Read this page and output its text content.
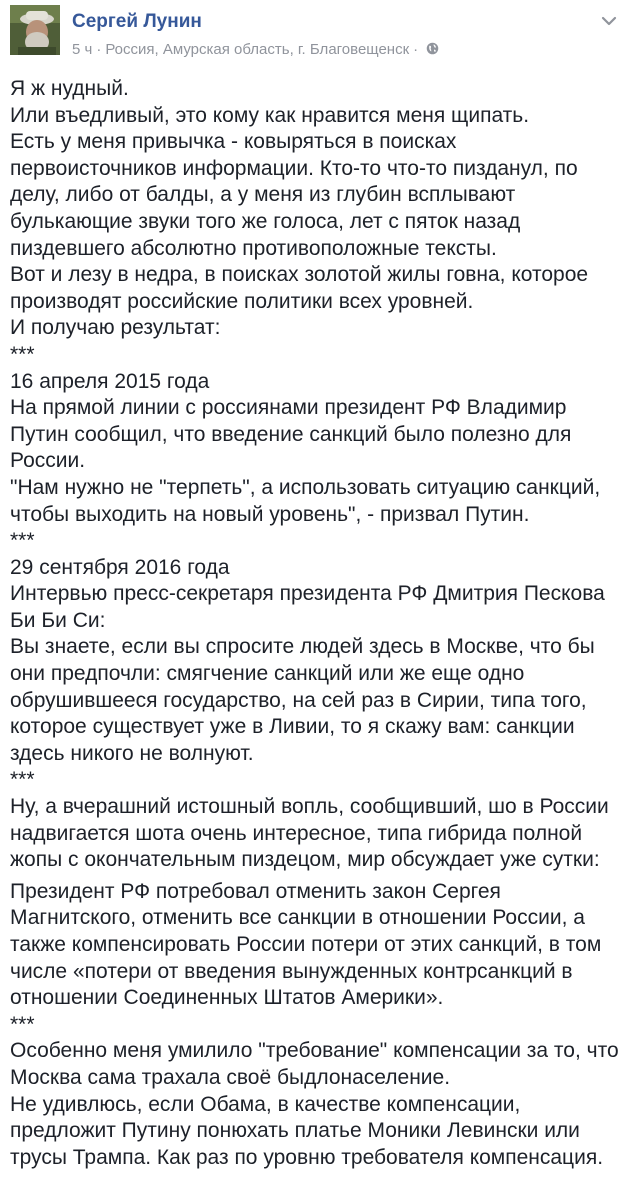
Сергей Лунин
5 ч · Россия, Амурская область, г. Благовещенск ·
Я ж нудный.
Или въедливый, это кому как нравится меня щипать.
Есть у меня привычка - ковыряться в поисках
первоисточников информации. Кто-то что-то пизданул, по
делу, либо от балды, а у меня из глубин всплывают
булькающие звуки того же голоса, лет с пяток назад
пиздевшего абсолютно противоположные тексты.
Вот и лезу в недра, в поисках золотой жилы говна, которое
производят российские политики всех уровней.
И получаю результат:
***
16 апреля 2015 года
На прямой линии с россиянами президент РФ Владимир
Путин сообщил, что введение санкций было полезно для
России.
"Нам нужно не "терпеть", а использовать ситуацию санкций,
чтобы выходить на новый уровень", - призвал Путин.
***
29 сентября 2016 года
Интервью пресс-секретаря президента РФ Дмитрия Пескова
Би Би Си:
Вы знаете, если вы спросите людей здесь в Москве, что бы
они предпочли: смягчение санкций или же еще одно
обрушившееся государство, на сей раз в Сирии, типа того,
которое существует уже в Ливии, то я скажу вам: санкции
здесь никого не волнуют.
***
Ну, а вчерашний истошный вопль, сообщивший, шо в России
надвигается шота очень интересное, типа гибрида полной
жопы с окончательным пиздецом, мир обсуждает уже сутки:
Президент РФ потребовал отменить закон Сергея
Магнитского, отменить все санкции в отношении России, а
также компенсировать России потери от этих санкций, в том
числе «потери от введения вынужденных контрсанкций в
отношении Соединенных Штатов Америки».
***
Особенно меня умилило "требование" компенсации за то, что
Москва сама трахала своё быдлонаселение.
Не удивлюсь, если Обама, в качестве компенсации,
предложит Путину понюхать платье Моники Левински или
трусы Трампа. Как раз по уровню требователя компенсация.
